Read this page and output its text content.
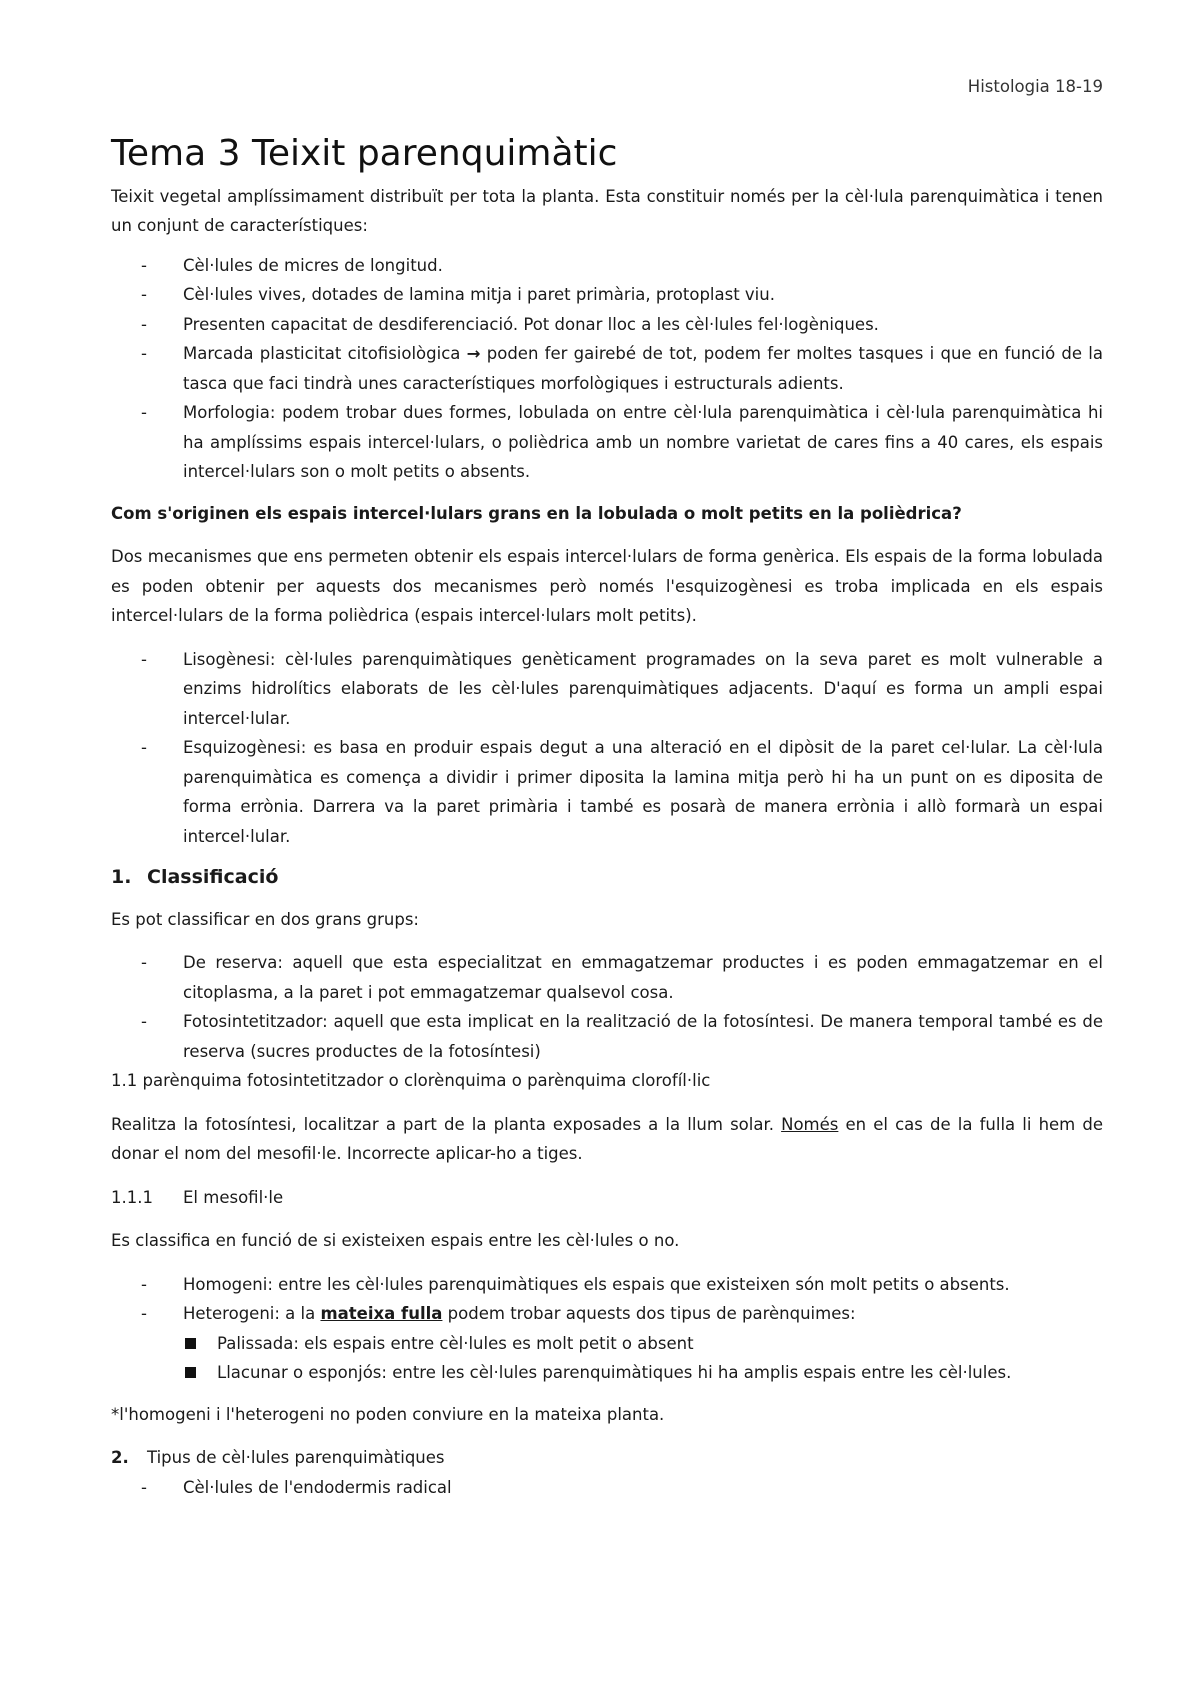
Histologia 18-19
Tema 3 Teixit parenquimàtic

Teixit vegetal amplíssimament distribuït per tota la planta. Esta constituir només per la cèl·lula parenquimàtica i tenen un conjunt de característiques:

- Cèl·lules de micres de longitud.
- Cèl·lules vives, dotades de lamina mitja i paret primària, protoplast viu.
- Presenten capacitat de desdiferenciació. Pot donar lloc a les cèl·lules fel·logèniques.
- Marcada plasticitat citofisiològica → poden fer gairebé de tot, podem fer moltes tasques i que en funció de la tasca que faci tindrà unes característiques morfològiques i estructurals adients.
- Morfologia: podem trobar dues formes, lobulada on entre cèl·lula parenquimàtica i cèl·lula parenquimàtica hi ha amplíssims espais intercel·lulars, o polièdrica amb un nombre varietat de cares fins a 40 cares, els espais intercel·lulars son o molt petits o absents.

Com s'originen els espais intercel·lulars grans en la lobulada o molt petits en la polièdrica?

Dos mecanismes que ens permeten obtenir els espais intercel·lulars de forma genèrica. Els espais de la forma lobulada es poden obtenir per aquests dos mecanismes però només l'esquizogènesi es troba implicada en els espais intercel·lulars de la forma polièdrica (espais intercel·lulars molt petits).

- Lisogènesi: cèl·lules parenquimàtiques genèticament programades on la seva paret es molt vulnerable a enzims hidrolítics elaborats de les cèl·lules parenquimàtiques adjacents. D'aquí es forma un ampli espai intercel·lular.
- Esquizogènesi: es basa en produir espais degut a una alteració en el dipòsit de la paret cel·lular. La cèl·lula parenquimàtica es comença a dividir i primer diposita la lamina mitja però hi ha un punt on es diposita de forma errònia. Darrera va la paret primària i també es posarà de manera errònia i allò formarà un espai intercel·lular.
1. Classificació

Es pot classificar en dos grans grups:

- De reserva: aquell que esta especialitzat en emmagatzemar productes i es poden emmagatzemar en el citoplasma, a la paret i pot emmagatzemar qualsevol cosa.
- Fotosintetitzador: aquell que esta implicat en la realització de la fotosíntesi. De manera temporal també es de reserva (sucres productes de la fotosíntesi)
1.1 parènquima fotosintetitzador o clorènquima o parènquima clorofíl·lic

Realitza la fotosíntesi, localitzar a part de la planta exposades a la llum solar. Només en el cas de la fulla li hem de donar el nom del mesofil·le. Incorrecte aplicar-ho a tiges.

1.1.1 El mesofil·le

Es classifica en funció de si existeixen espais entre les cèl·lules o no.

- Homogeni: entre les cèl·lules parenquimàtiques els espais que existeixen són molt petits o absents.
- Heterogeni: a la mateixa fulla podem trobar aquests dos tipus de parènquimes:
Palissada: els espais entre cèl·lules es molt petit o absent
Llacunar o esponjós: entre les cèl·lules parenquimàtiques hi ha amplis espais entre les cèl·lules.

*l'homogeni i l'heterogeni no poden conviure en la mateixa planta.

2. Tipus de cèl·lules parenquimàtiques
- Cèl·lules de l'endodermis radical
